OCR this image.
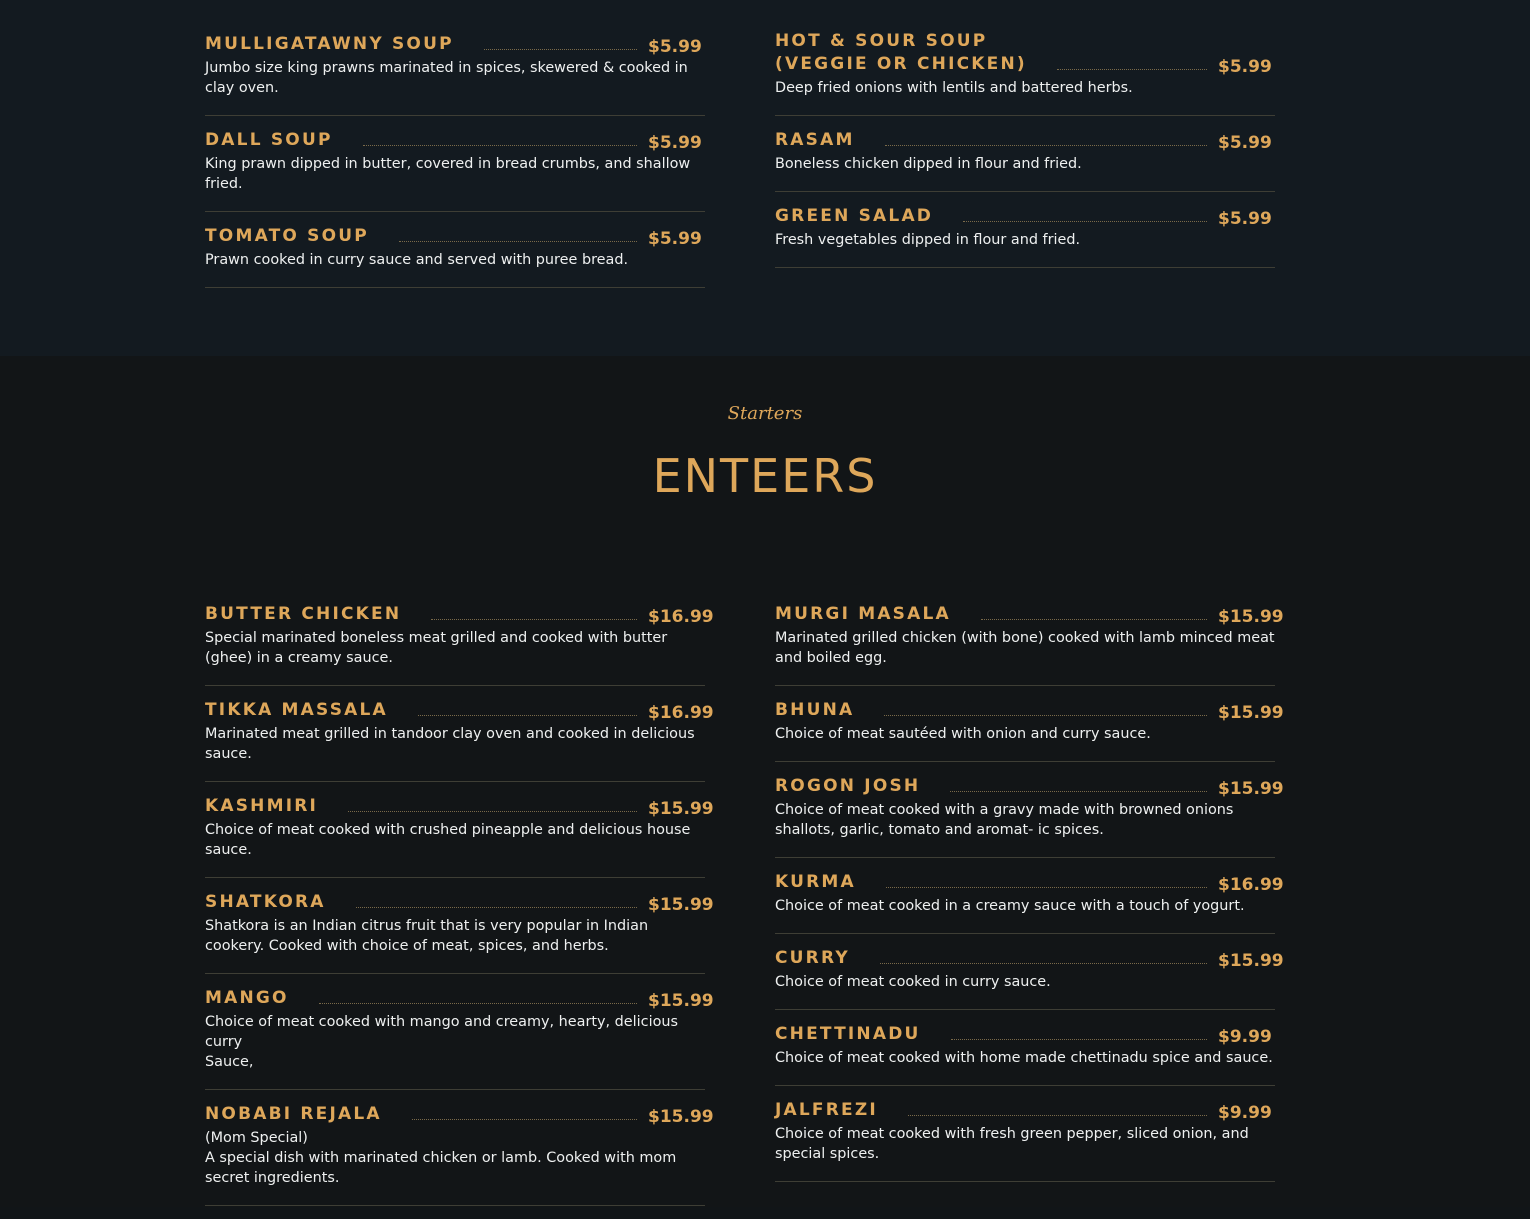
MULLIGATAWNY SOUP	$5.99
Jumbo size king prawns marinated in spices, skewered & cooked in clay oven.
DALL SOUP	$5.99
King prawn dipped in butter, covered in bread crumbs, and shallow fried.
TOMATO SOUP	$5.99
Prawn cooked in curry sauce and served with puree bread.
HOT & SOUR SOUP
(VEGGIE OR CHICKEN)	$5.99
Deep fried onions with lentils and battered herbs.
RASAM	$5.99
Boneless chicken dipped in flour and fried.
GREEN SALAD	$5.99
Fresh vegetables dipped in flour and fried.
Starters
ENTEERS
BUTTER CHICKEN	$16.99
Special marinated boneless meat grilled and cooked with butter (ghee) in a creamy sauce.
TIKKA MASSALA	$16.99
Marinated meat grilled in tandoor clay oven and cooked in delicious sauce.
KASHMIRI	$15.99
Choice of meat cooked with crushed pineapple and delicious house sauce.
SHATKORA	$15.99
Shatkora is an Indian citrus fruit that is very popular in Indian cookery. Cooked with choice of meat, spices, and herbs.

MANGO	$15.99
Choice of meat cooked with mango and creamy, hearty, delicious curry
Sauce,
NOBABI REJALA	$15.99
(Mom Special)
A special dish with marinated chicken or lamb. Cooked with mom secret ingredients.
MURGI MASALA	$15.99
Marinated grilled chicken (with bone) cooked with lamb minced meat and boiled egg.
BHUNA	$15.99
Choice of meat sautéed with onion and curry sauce.
ROGON JOSH	$15.99
Choice of meat cooked with a gravy made with browned onions shallots, garlic, tomato and aromat- ic spices.
KURMA	$16.99
Choice of meat cooked in a creamy sauce with a touch of yogurt.
CURRY	$15.99
Choice of meat cooked in curry sauce.
CHETTINADU	$9.99
Choice of meat cooked with home made chettinadu spice and sauce.
JALFREZI	$9.99
Choice of meat cooked with fresh green pepper, sliced onion, and special spices.
